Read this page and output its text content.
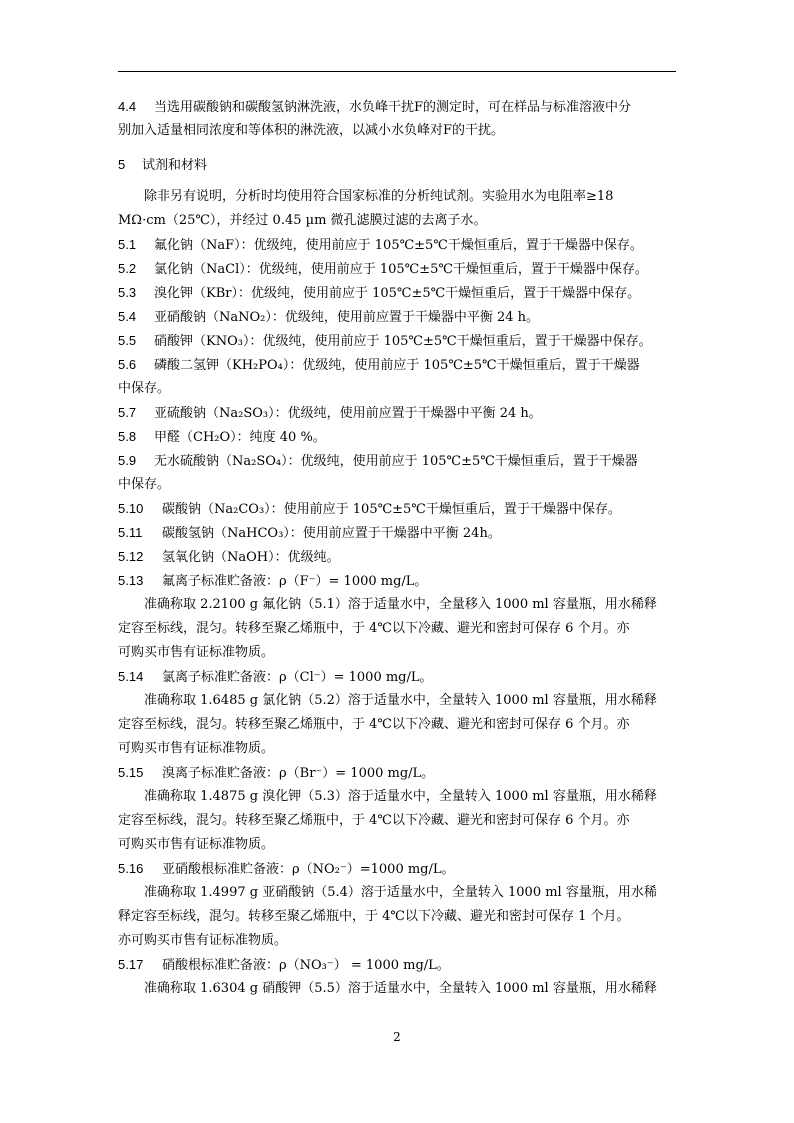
4.4 当选用碳酸钠和碳酸氢钠淋洗液，水负峰干扰F的测定时，可在样品与标准溶液中分
别加入适量相同浓度和等体积的淋洗液，以减小水负峰对F的干扰。
5 试剂和材料
除非另有说明，分析时均使用符合国家标准的分析纯试剂。实验用水为电阻率≥18
MΩ·cm（25℃），并经过 0.45 µm 微孔滤膜过滤的去离子水。
5.1 氟化钠（NaF）：优级纯，使用前应于 105℃±5℃干燥恒重后，置于干燥器中保存。
5.2 氯化钠（NaCl）：优级纯，使用前应于 105℃±5℃干燥恒重后，置于干燥器中保存。
5.3 溴化钾（KBr）：优级纯，使用前应于 105℃±5℃干燥恒重后，置于干燥器中保存。
5.4 亚硝酸钠（NaNO₂）：优级纯，使用前应置于干燥器中平衡 24 h。
5.5 硝酸钾（KNO₃）：优级纯，使用前应于 105℃±5℃干燥恒重后，置于干燥器中保存。
5.6 磷酸二氢钾（KH₂PO₄）：优级纯，使用前应于 105℃±5℃干燥恒重后，置于干燥器
中保存。
5.7 亚硫酸钠（Na₂SO₃）：优级纯，使用前应置于干燥器中平衡 24 h。
5.8 甲醛（CH₂O）：纯度 40 %。
5.9 无水硫酸钠（Na₂SO₄）：优级纯，使用前应于 105℃±5℃干燥恒重后，置于干燥器
中保存。
5.10 碳酸钠（Na₂CO₃）：使用前应于 105℃±5℃干燥恒重后，置于干燥器中保存。
5.11 碳酸氢钠（NaHCO₃）：使用前应置于干燥器中平衡 24h。
5.12 氢氧化钠（NaOH）：优级纯。
5.13 氟离子标准贮备液：ρ（F⁻）= 1000 mg/L。
准确称取 2.2100 g 氟化钠（5.1）溶于适量水中，全量移入 1000 ml 容量瓶，用水稀释
定容至标线，混匀。转移至聚乙烯瓶中，于 4℃以下冷藏、避光和密封可保存 6 个月。亦
可购买市售有证标准物质。
5.14 氯离子标准贮备液：ρ（Cl⁻）= 1000 mg/L。
准确称取 1.6485 g 氯化钠（5.2）溶于适量水中，全量转入 1000 ml 容量瓶，用水稀释
定容至标线，混匀。转移至聚乙烯瓶中，于 4℃以下冷藏、避光和密封可保存 6 个月。亦
可购买市售有证标准物质。
5.15 溴离子标准贮备液：ρ（Br⁻）= 1000 mg/L。
准确称取 1.4875 g 溴化钾（5.3）溶于适量水中，全量转入 1000 ml 容量瓶，用水稀释
定容至标线，混匀。转移至聚乙烯瓶中，于 4℃以下冷藏、避光和密封可保存 6 个月。亦
可购买市售有证标准物质。
5.16 亚硝酸根标准贮备液：ρ（NO₂⁻）=1000 mg/L。
准确称取 1.4997 g 亚硝酸钠（5.4）溶于适量水中，全量转入 1000 ml 容量瓶，用水稀
释定容至标线，混匀。转移至聚乙烯瓶中，于 4℃以下冷藏、避光和密封可保存 1 个月。
亦可购买市售有证标准物质。
5.17 硝酸根标准贮备液：ρ（NO₃⁻） = 1000 mg/L。
准确称取 1.6304 g 硝酸钾（5.5）溶于适量水中，全量转入 1000 ml 容量瓶，用水稀释
2
